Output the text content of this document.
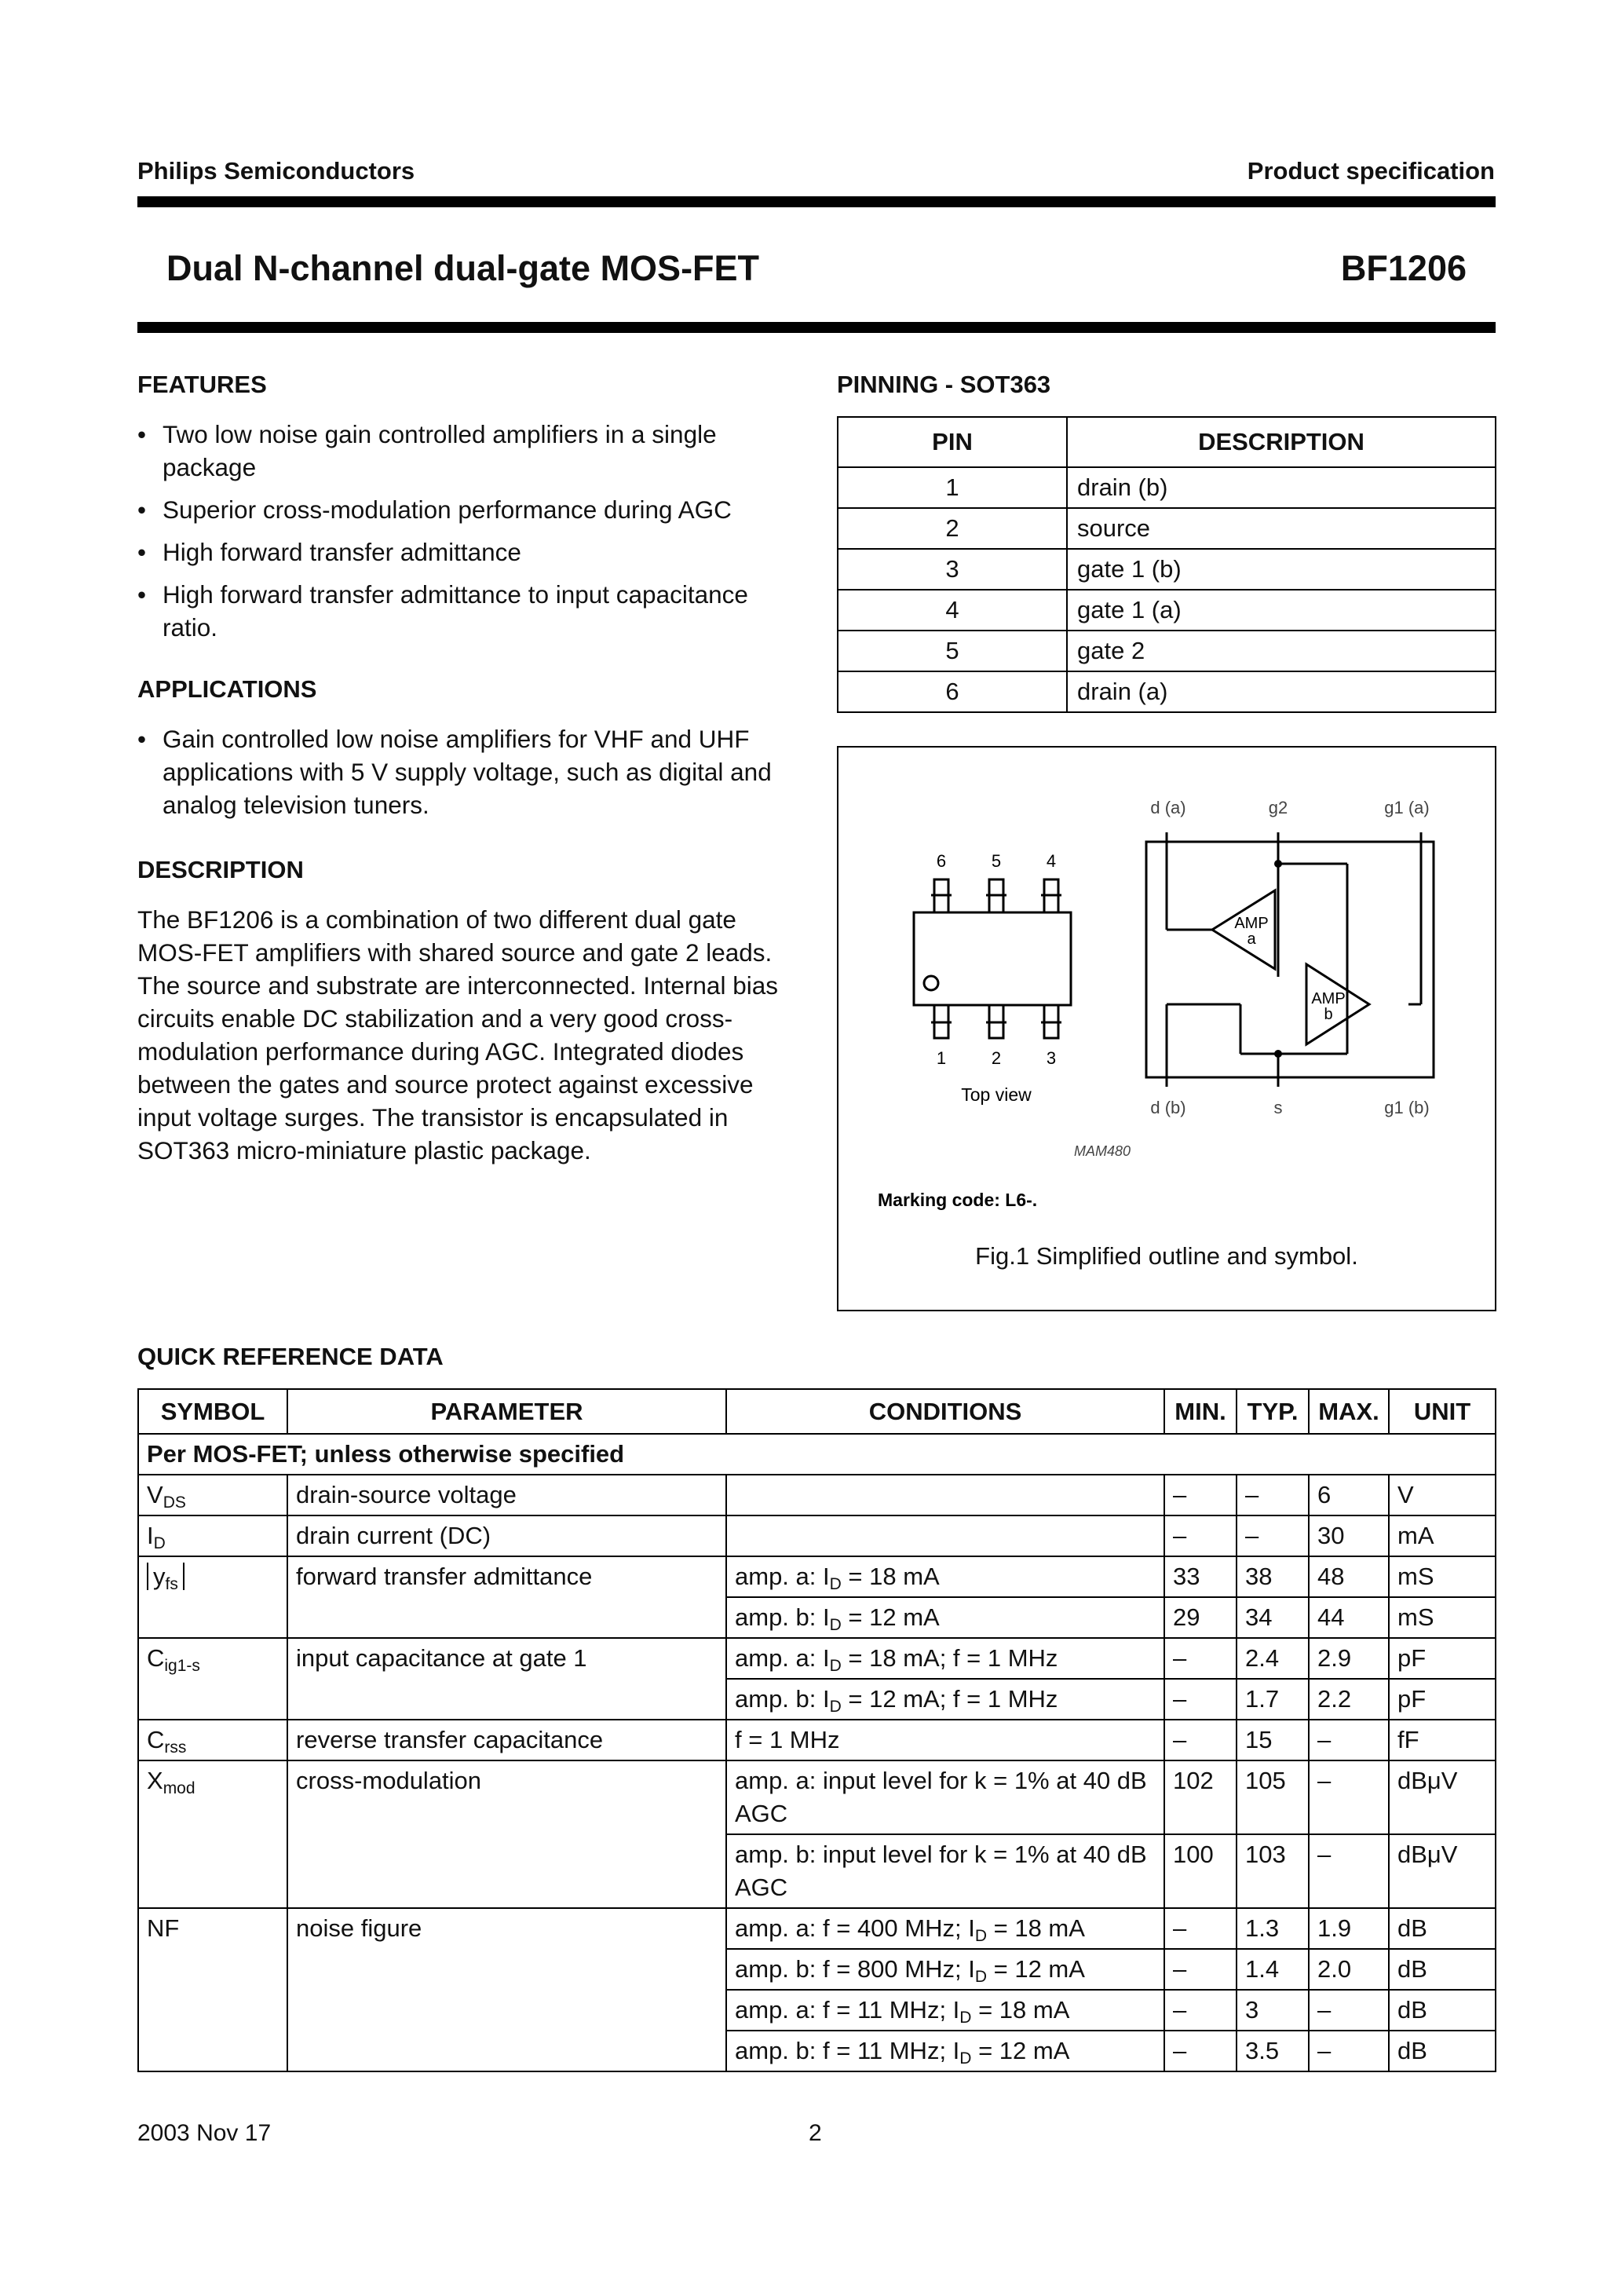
Philips Semiconductors	Product specification
Dual N-channel dual-gate MOS-FET	BF1206
FEATURES
• Two low noise gain controlled amplifiers in a single package
• Superior cross-modulation performance during AGC
• High forward transfer admittance
• High forward transfer admittance to input capacitance ratio.
APPLICATIONS
• Gain controlled low noise amplifiers for VHF and UHF applications with 5 V supply voltage, such as digital and analog television tuners.
DESCRIPTION
The BF1206 is a combination of two different dual gate MOS-FET amplifiers with shared source and gate 2 leads. The source and substrate are interconnected. Internal bias circuits enable DC stabilization and a very good cross-modulation performance during AGC. Integrated diodes between the gates and source protect against excessive input voltage surges. The transistor is encapsulated in SOT363 micro-miniature plastic package.
PINNING - SOT363
PIN	DESCRIPTION
1	drain (b)
2	source
3	gate 1 (b)
4	gate 1 (a)
5	gate 2
6	drain (a)
6	5	4
1	2	3
Top view
d (a)	g2	g1 (a)
d (b)	s	g1 (b)
AMP
a
AMP
b
MAM480
Marking code: L6-.
Fig.1 Simplified outline and symbol.
QUICK REFERENCE DATA
SYMBOL	PARAMETER	CONDITIONS	MIN.	TYP.	MAX.	UNIT
Per MOS-FET; unless otherwise specified						
$V_{DS}$	drain-source voltage		–	–	6	V
$I_D$	drain current (DC)		–	–	30	mA
$y_{fs}$	forward transfer admittance	amp. a: $I_D = 18$ mA	33	38	48	mS
		amp. b: $I_D = 12$ mA	29	34	44	mS
$C_{ig1-s}$	input capacitance at gate 1	amp. a: $I_D = 18$ mA; f = 1 MHz	–	2.4	2.9	pF
		amp. b: $I_D = 12$ mA; f = 1 MHz	–	1.7	2.2	pF
$C_{rss}$	reverse transfer capacitance	f = 1 MHz	–	15	–	fF
$X_{mod}$	cross-modulation	amp. a: input level for k = 1% at 40 dB AGC	102	105	–	dBμV
		amp. b: input level for k = 1% at 40 dB AGC	100	103	–	dBμV
NF	noise figure	amp. a: f = 400 MHz; $I_D = 18$ mA	–	1.3	1.9	dB
		amp. b: f = 800 MHz; $I_D = 12$ mA	–	1.4	2.0	dB
		amp. a: f = 11 MHz; $I_D = 18$ mA	–	3	–	dB
		amp. b: f = 11 MHz; $I_D = 12$ mA	–	3.5	–	dB
2003 Nov 17	2
